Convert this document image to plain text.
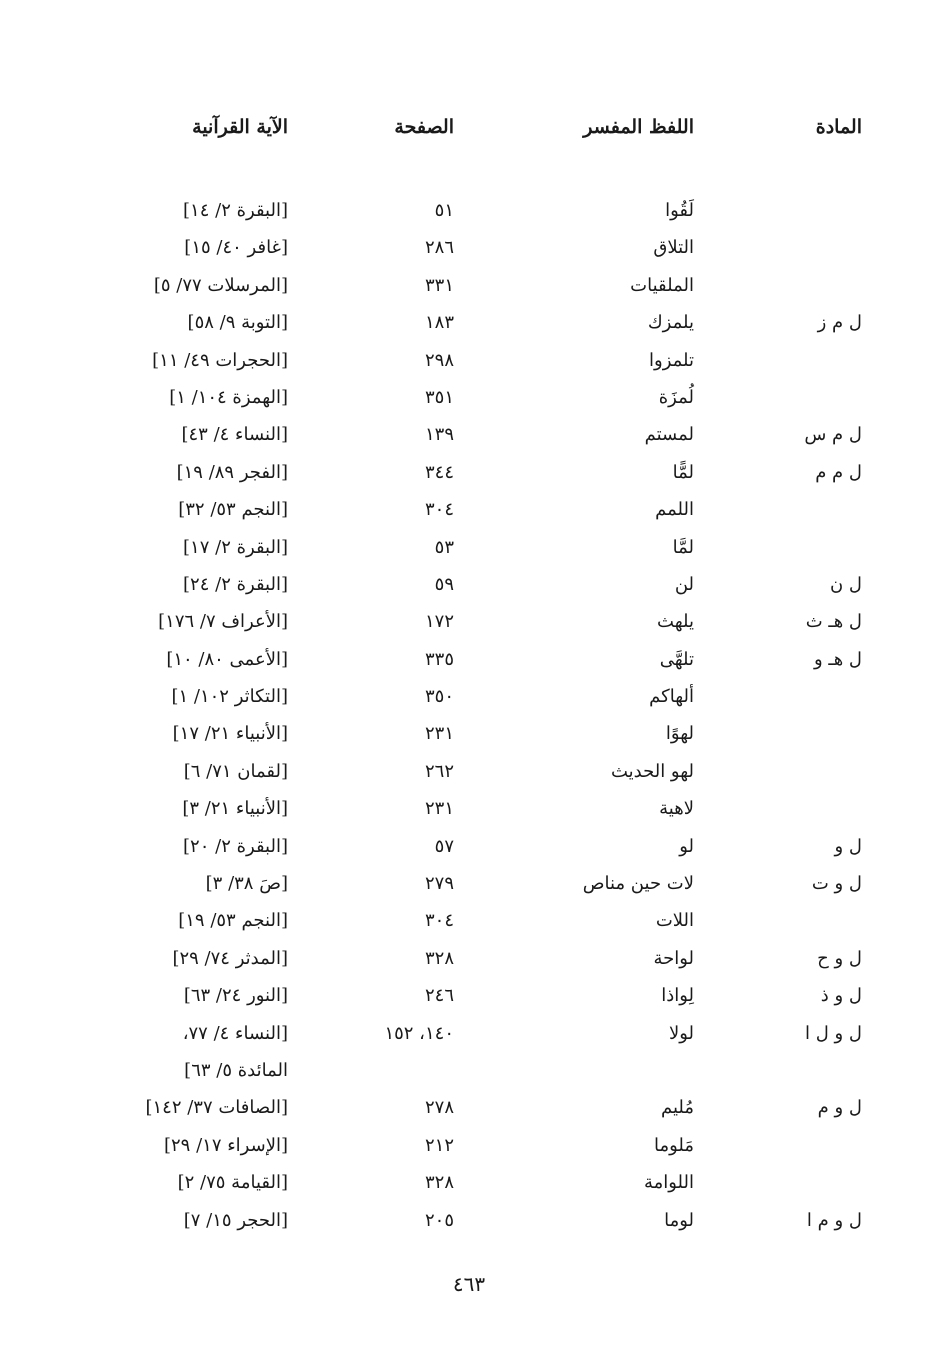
المادة
اللفظ المفسر
الصفحة
الآية القرآنية
لَقُوا
٥١
[البقرة ٢/ ١٤]
التلاق
٢٨٦
[غافر ٤٠/ ١٥]
الملقيات
٣٣١
[المرسلات ٧٧/ ٥]
ل م ز
يلمزك
١٨٣
[التوبة ٩/ ٥٨]
تلمزوا
٢٩٨
[الحجرات ٤٩/ ١١]
لُمزَة
٣٥١
[الهمزة ١٠٤/ ١]
ل م س
لمستم
١٣٩
[النساء ٤/ ٤٣]
ل م م
لمًّا
٣٤٤
[الفجر ٨٩/ ١٩]
اللمم
٣٠٤
[النجم ٥٣/ ٣٢]
لمَّا
٥٣
[البقرة ٢/ ١٧]
ل ن
لن
٥٩
[البقرة ٢/ ٢٤]
ل هـ ث
يلهث
١٧٢
[الأعراف ٧/ ١٧٦]
ل هـ و
تلهَّى
٣٣٥
[الأعمى ٨٠/ ١٠]
ألهاكم
٣٥٠
[التكاثر ١٠٢/ ١]
لهوًا
٢٣١
[الأنبياء ٢١/ ١٧]
لهو الحديث
٢٦٢
[لقمان ٧١/ ٦]
لاهية
٢٣١
[الأنبياء ٢١/ ٣]
ل و
لو
٥٧
[البقرة ٢/ ٢٠]
ل و ت
لات حين مناص
٢٧٩
[صَ ٣٨/ ٣]
اللات
٣٠٤
[النجم ٥٣/ ١٩]
ل و ح
لواحة
٣٢٨
[المدثر ٧٤/ ٢٩]
ل و ذ
لِواذا
٢٤٦
[النور ٢٤/ ٦٣]
ل و ل ا
لولا
١٤٠، ١٥٢
[النساء ٤/ ٧٧،
المائدة ٥/ ٦٣]
ل و م
مُليم
٢٧٨
[الصافات ٣٧/ ١٤٢]
مَلوما
٢١٢
[الإسراء ١٧/ ٢٩]
اللوامة
٣٢٨
[القيامة ٧٥/ ٢]
ل و م ا
لوما
٢٠٥
[الحجر ١٥/ ٧]
٤٦٣
